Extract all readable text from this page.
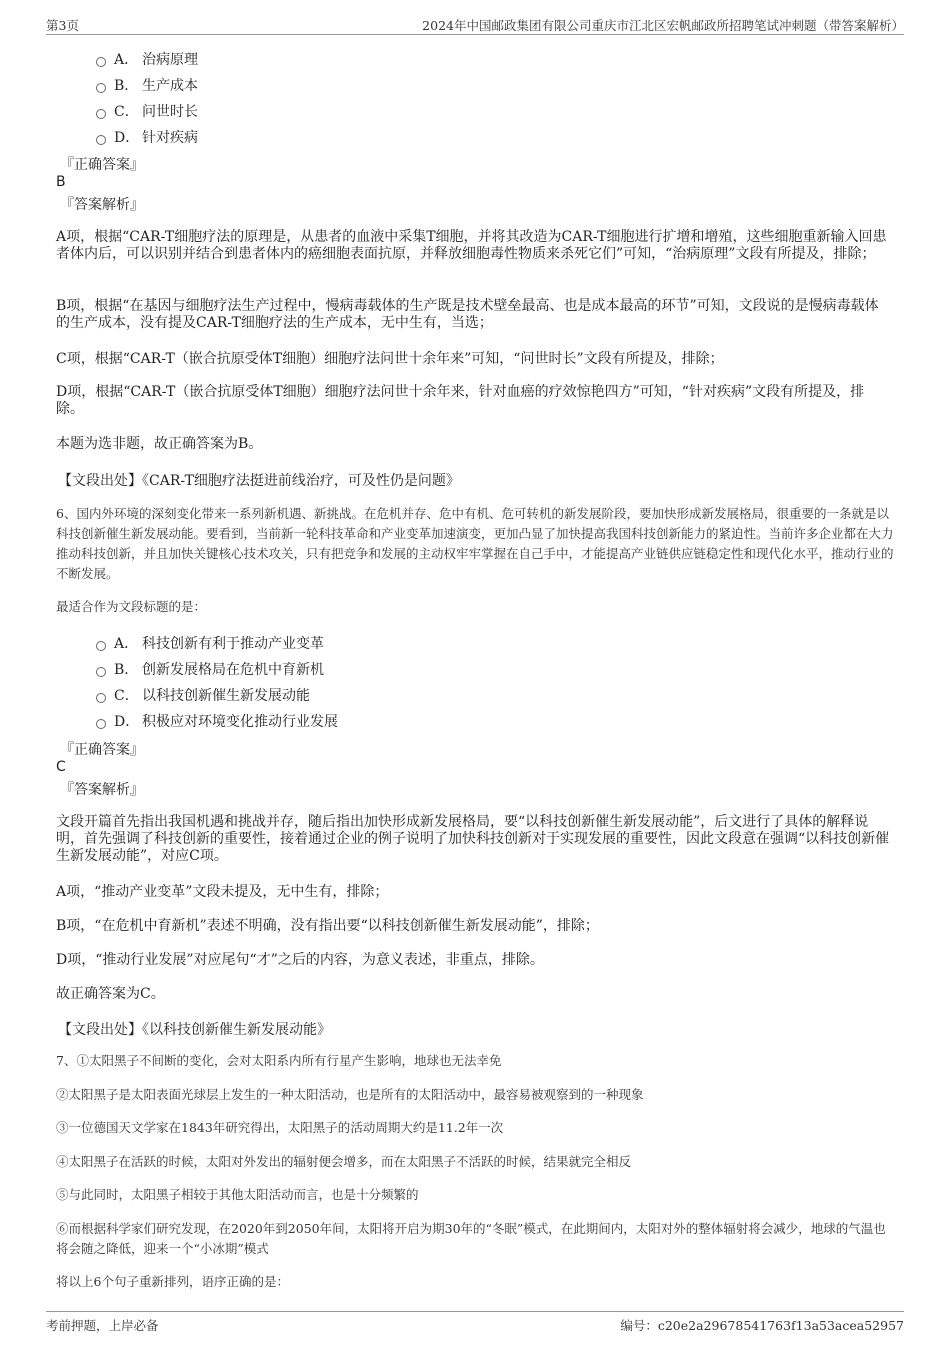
第3页	2024年中国邮政集团有限公司重庆市江北区宏帆邮政所招聘笔试冲刺题（带答案解析）
A． 治病原理
B． 生产成本
C． 问世时长
D． 针对疾病
『正确答案』
B
『答案解析』
A项，根据“CAR-T细胞疗法的原理是，从患者的血液中采集T细胞，并将其改造为CAR-T细胞进行扩增和增殖，这些细胞重新输入回患者体内后，可以识别并结合到患者体内的癌细胞表面抗原，并释放细胞毒性物质来杀死它们”可知，“治病原理”文段有所提及，排除；
B项，根据“在基因与细胞疗法生产过程中，慢病毒载体的生产既是技术壁垒最高、也是成本最高的环节”可知，文段说的是慢病毒载体的生产成本，没有提及CAR-T细胞疗法的生产成本，无中生有，当选；
C项，根据“CAR-T（嵌合抗原受体T细胞）细胞疗法问世十余年来”可知，“问世时长”文段有所提及，排除；
D项，根据“CAR-T（嵌合抗原受体T细胞）细胞疗法问世十余年来，针对血癌的疗效惊艳四方”可知，“针对疾病”文段有所提及，排除。
本题为选非题，故正确答案为B。
【文段出处】《CAR-T细胞疗法挺进前线治疗，可及性仍是问题》
6、国内外环境的深刻变化带来一系列新机遇、新挑战。在危机并存、危中有机、危可转机的新发展阶段，要加快形成新发展格局，很重要的一条就是以科技创新催生新发展动能。要看到，当前新一轮科技革命和产业变革加速演变，更加凸显了加快提高我国科技创新能力的紧迫性。当前许多企业都在大力推动科技创新，并且加快关键核心技术攻关，只有把竞争和发展的主动权牢牢掌握在自己手中，才能提高产业链供应链稳定性和现代化水平，推动行业的不断发展。
最适合作为文段标题的是：
A． 科技创新有利于推动产业变革
B． 创新发展格局在危机中育新机
C． 以科技创新催生新发展动能
D． 积极应对环境变化推动行业发展
『正确答案』
C
『答案解析』
文段开篇首先指出我国机遇和挑战并存，随后指出加快形成新发展格局，要“以科技创新催生新发展动能”，后文进行了具体的解释说明，首先强调了科技创新的重要性，接着通过企业的例子说明了加快科技创新对于实现发展的重要性，因此文段意在强调“以科技创新催生新发展动能”，对应C项。
A项，“推动产业变革”文段未提及，无中生有，排除；
B项，“在危机中育新机”表述不明确，没有指出要“以科技创新催生新发展动能”，排除；
D项，“推动行业发展”对应尾句“才”之后的内容，为意义表述，非重点，排除。
故正确答案为C。
【文段出处】《以科技创新催生新发展动能》
7、①太阳黑子不间断的变化，会对太阳系内所有行星产生影响，地球也无法幸免
②太阳黑子是太阳表面光球层上发生的一种太阳活动，也是所有的太阳活动中，最容易被观察到的一种现象
③一位德国天文学家在1843年研究得出，太阳黑子的活动周期大约是11.2年一次
④太阳黑子在活跃的时候，太阳对外发出的辐射便会增多，而在太阳黑子不活跃的时候，结果就完全相反
⑤与此同时，太阳黑子相较于其他太阳活动而言，也是十分频繁的
⑥而根据科学家们研究发现，在2020年到2050年间，太阳将开启为期30年的“冬眠”模式，在此期间内，太阳对外的整体辐射将会减少，地球的气温也将会随之降低，迎来一个“小冰期”模式
将以上6个句子重新排列，语序正确的是：
考前押题，上岸必备	编号：c20e2a29678541763f13a53acea52957
